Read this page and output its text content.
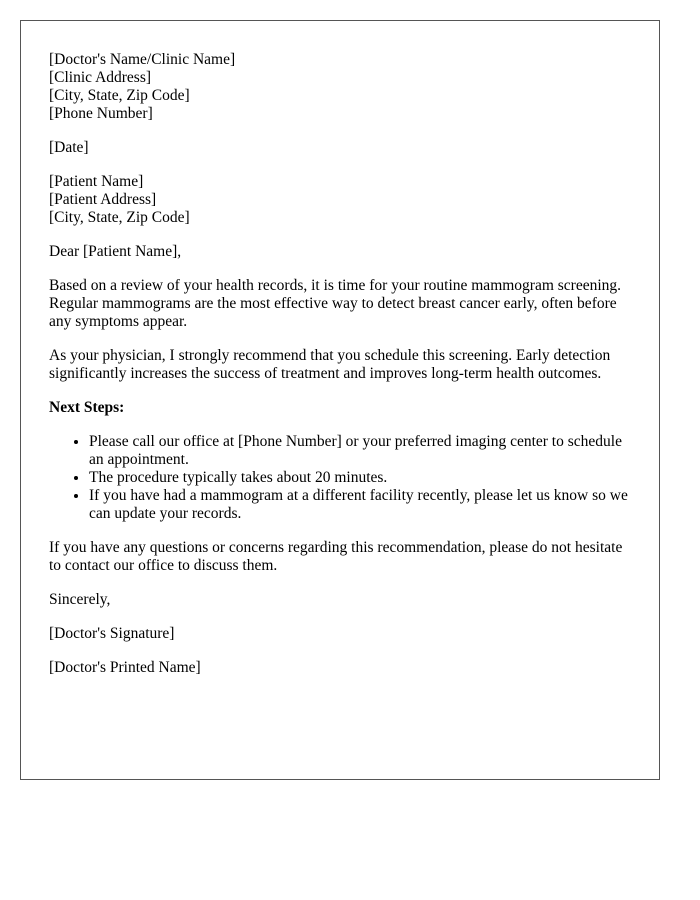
[Doctor's Name/Clinic Name]
[Clinic Address]
[City, State, Zip Code]
[Phone Number]
[Date]
[Patient Name]
[Patient Address]
[City, State, Zip Code]

Dear [Patient Name],

Based on a review of your health records, it is time for your routine mammogram screening. Regular mammograms are the most effective way to detect breast cancer early, often before any symptoms appear.

As your physician, I strongly recommend that you schedule this screening. Early detection significantly increases the success of treatment and improves long-term health outcomes.

Next Steps:
• Please call our office at [Phone Number] or your preferred imaging center to schedule an appointment.
• The procedure typically takes about 20 minutes.
• If you have had a mammogram at a different facility recently, please let us know so we can update your records.

If you have any questions or concerns regarding this recommendation, please do not hesitate to contact our office to discuss them.

Sincerely,

[Doctor's Signature]

[Doctor's Printed Name]
